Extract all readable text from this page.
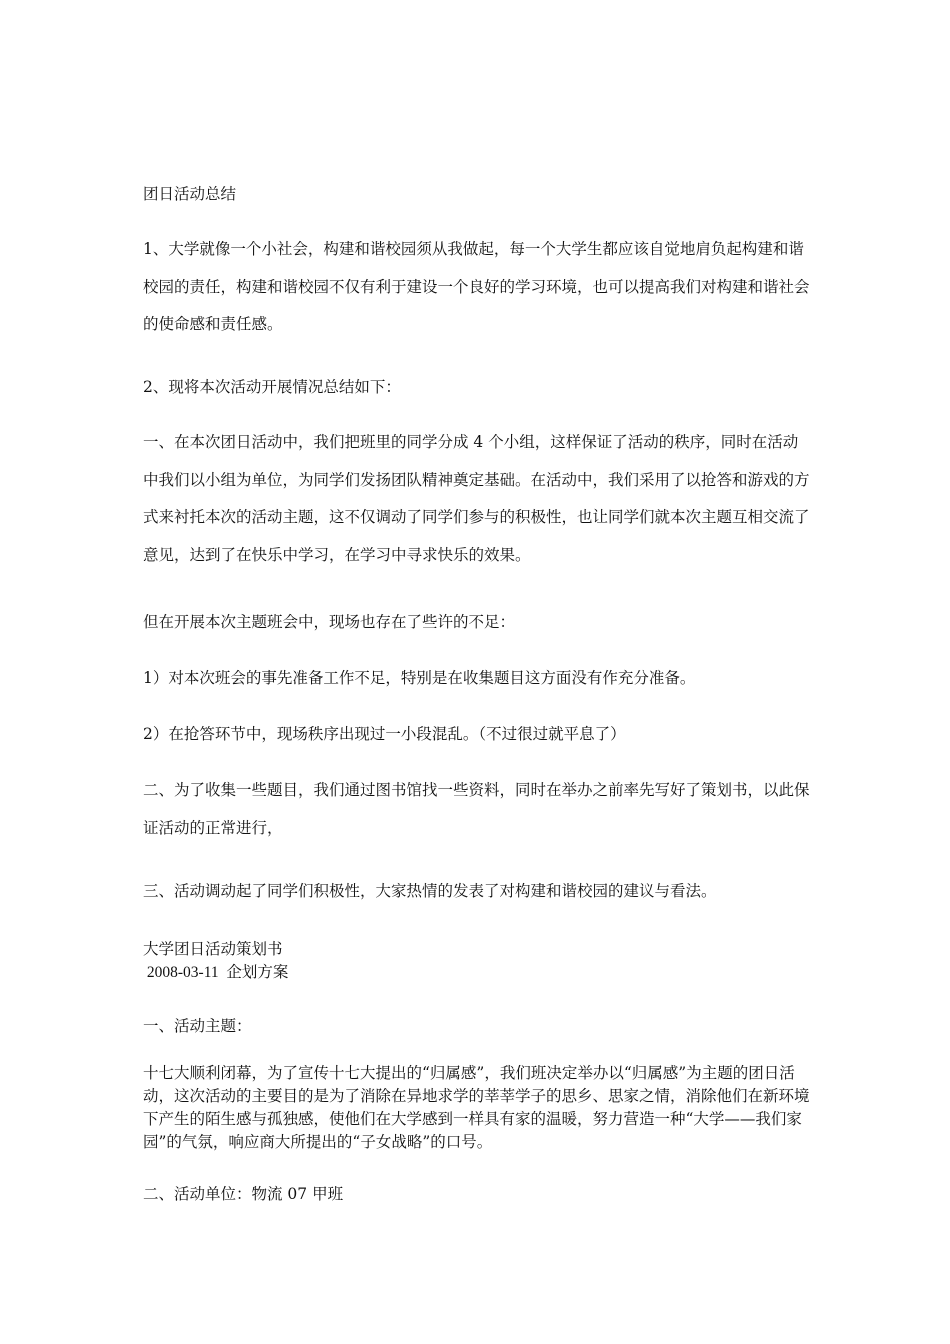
团日活动总结

1、大学就像一个小社会，构建和谐校园须从我做起，每一个大学生都应该自觉地肩负起构建和谐校园的责任，构建和谐校园不仅有利于建设一个良好的学习环境，也可以提高我们对构建和谐社会的使命感和责任感。

2、现将本次活动开展情况总结如下：

一、在本次团日活动中，我们把班里的同学分成 4 个小组，这样保证了活动的秩序，同时在活动中我们以小组为单位，为同学们发扬团队精神奠定基础。在活动中，我们采用了以抢答和游戏的方式来衬托本次的活动主题，这不仅调动了同学们参与的积极性，也让同学们就本次主题互相交流了意见，达到了在快乐中学习，在学习中寻求快乐的效果。

但在开展本次主题班会中，现场也存在了些许的不足：

1）对本次班会的事先准备工作不足，特别是在收集题目这方面没有作充分准备。

2）在抢答环节中，现场秩序出现过一小段混乱。（不过很过就平息了）

二、为了收集一些题目，我们通过图书馆找一些资料，同时在举办之前率先写好了策划书，以此保证活动的正常进行，

三、活动调动起了同学们积极性，大家热情的发表了对构建和谐校园的建议与看法。

大学团日活动策划书

2008-03-11  企划方案

一、活动主题：

十七大顺利闭幕，为了宣传十七大提出的“归属感”，我们班决定举办以“归属感”为主题的团日活动，这次活动的主要目的是为了消除在异地求学的莘莘学子的思乡、思家之情，消除他们在新环境下产生的陌生感与孤独感，使他们在大学感到一样具有家的温暖，努力营造一种“大学——我们家园”的气氛，响应商大所提出的“子女战略”的口号。

二、活动单位：物流 07 甲班
